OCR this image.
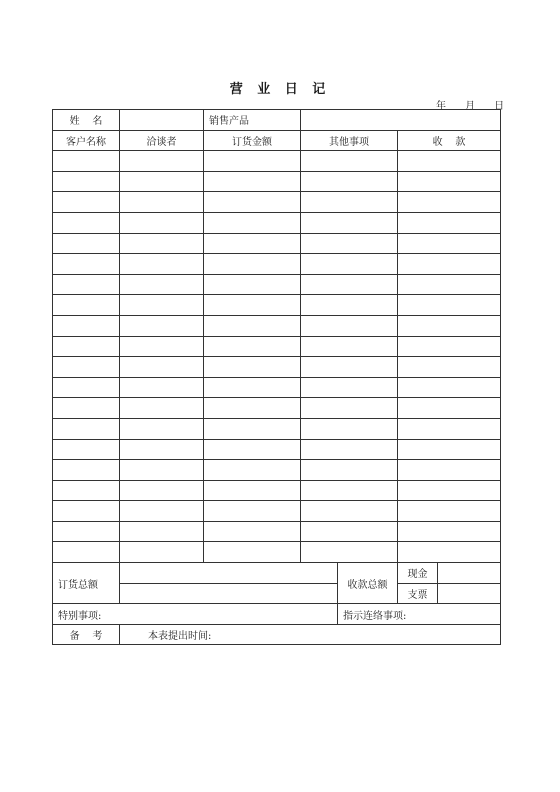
营 业 日 记
年      月      日
姓    名		销售产品				
客户名称	洽谈者	订货金额	其他事项		收    款	

订货总额				收款总额	现金	
					支票	
特别事项:				指示连络事项:		
备    考	本表提出时间:					
